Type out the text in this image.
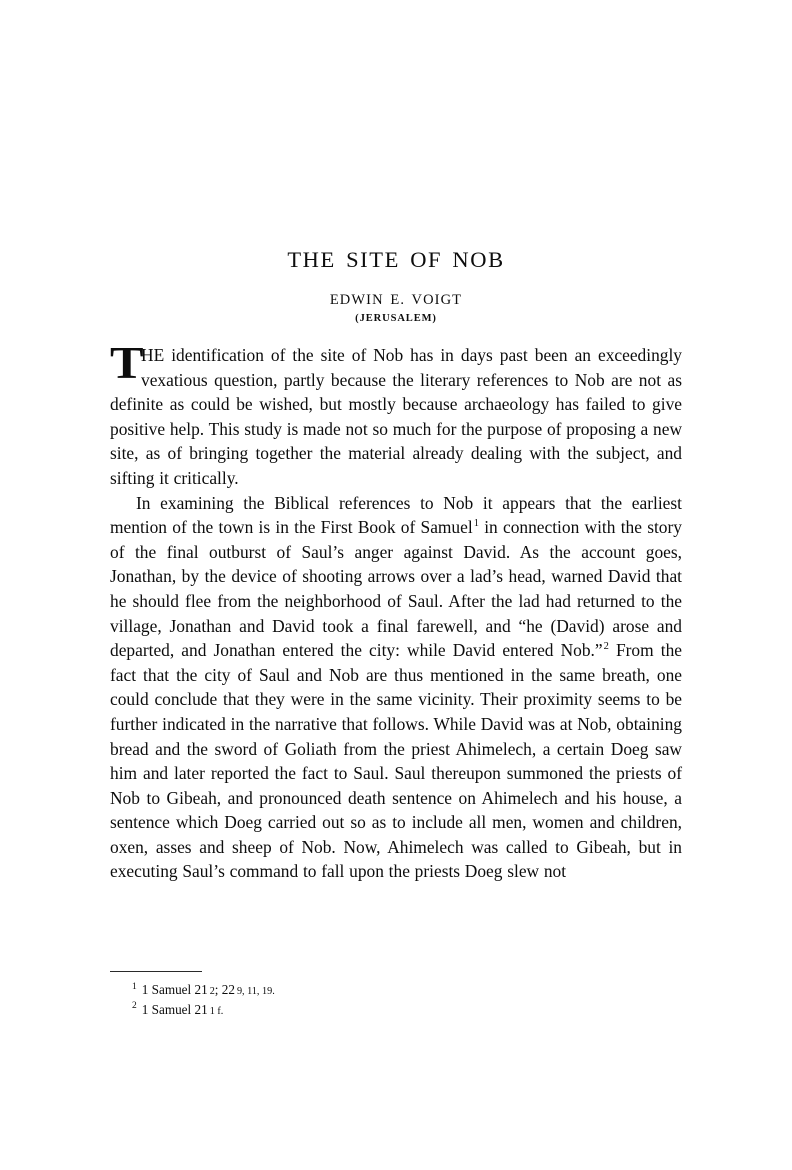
THE SITE OF NOB
EDWIN E. VOIGT
(JERUSALEM)

T
HE identification of the site of Nob has in days past been an exceedingly vexatious question, partly because the literary references to Nob are not as definite as could be wished, but mostly because archaeology has failed to give positive help. This study is made not so much for the purpose of proposing a new site, as of bringing together the material already dealing with the subject, and sifting it critically.

In examining the Biblical references to Nob it appears that the earliest mention of the town is in the First Book of Samuel$^1$ in connection with the story of the final outburst of Saul’s anger against David. As the account goes, Jonathan, by the device of shooting arrows over a lad’s head, warned David that he should flee from the neighborhood of Saul. After the lad had returned to the village, Jonathan and David took a final farewell, and “he (David) arose and departed, and Jonathan entered the city: while David entered Nob.”$^2$ From the fact that the city of Saul and Nob are thus mentioned in the same breath, one could conclude that they were in the same vicinity. Their proximity seems to be further indicated in the narrative that follows. While David was at Nob, obtaining bread and the sword of Goliath from the priest Ahimelech, a certain Doeg saw him and later reported the fact to Saul. Saul thereupon summoned the priests of Nob to Gibeah, and pronounced death sentence on Ahimelech and his house, a sentence which Doeg carried out so as to include all men, women and children, oxen, asses and sheep of Nob. Now, Ahimelech was called to Gibeah, but in executing Saul’s command to fall upon the priests Doeg slew not

$^1$ 1 Samuel 21 2; 22 9, 11, 19.
$^2$ 1 Samuel 21 1 f.
